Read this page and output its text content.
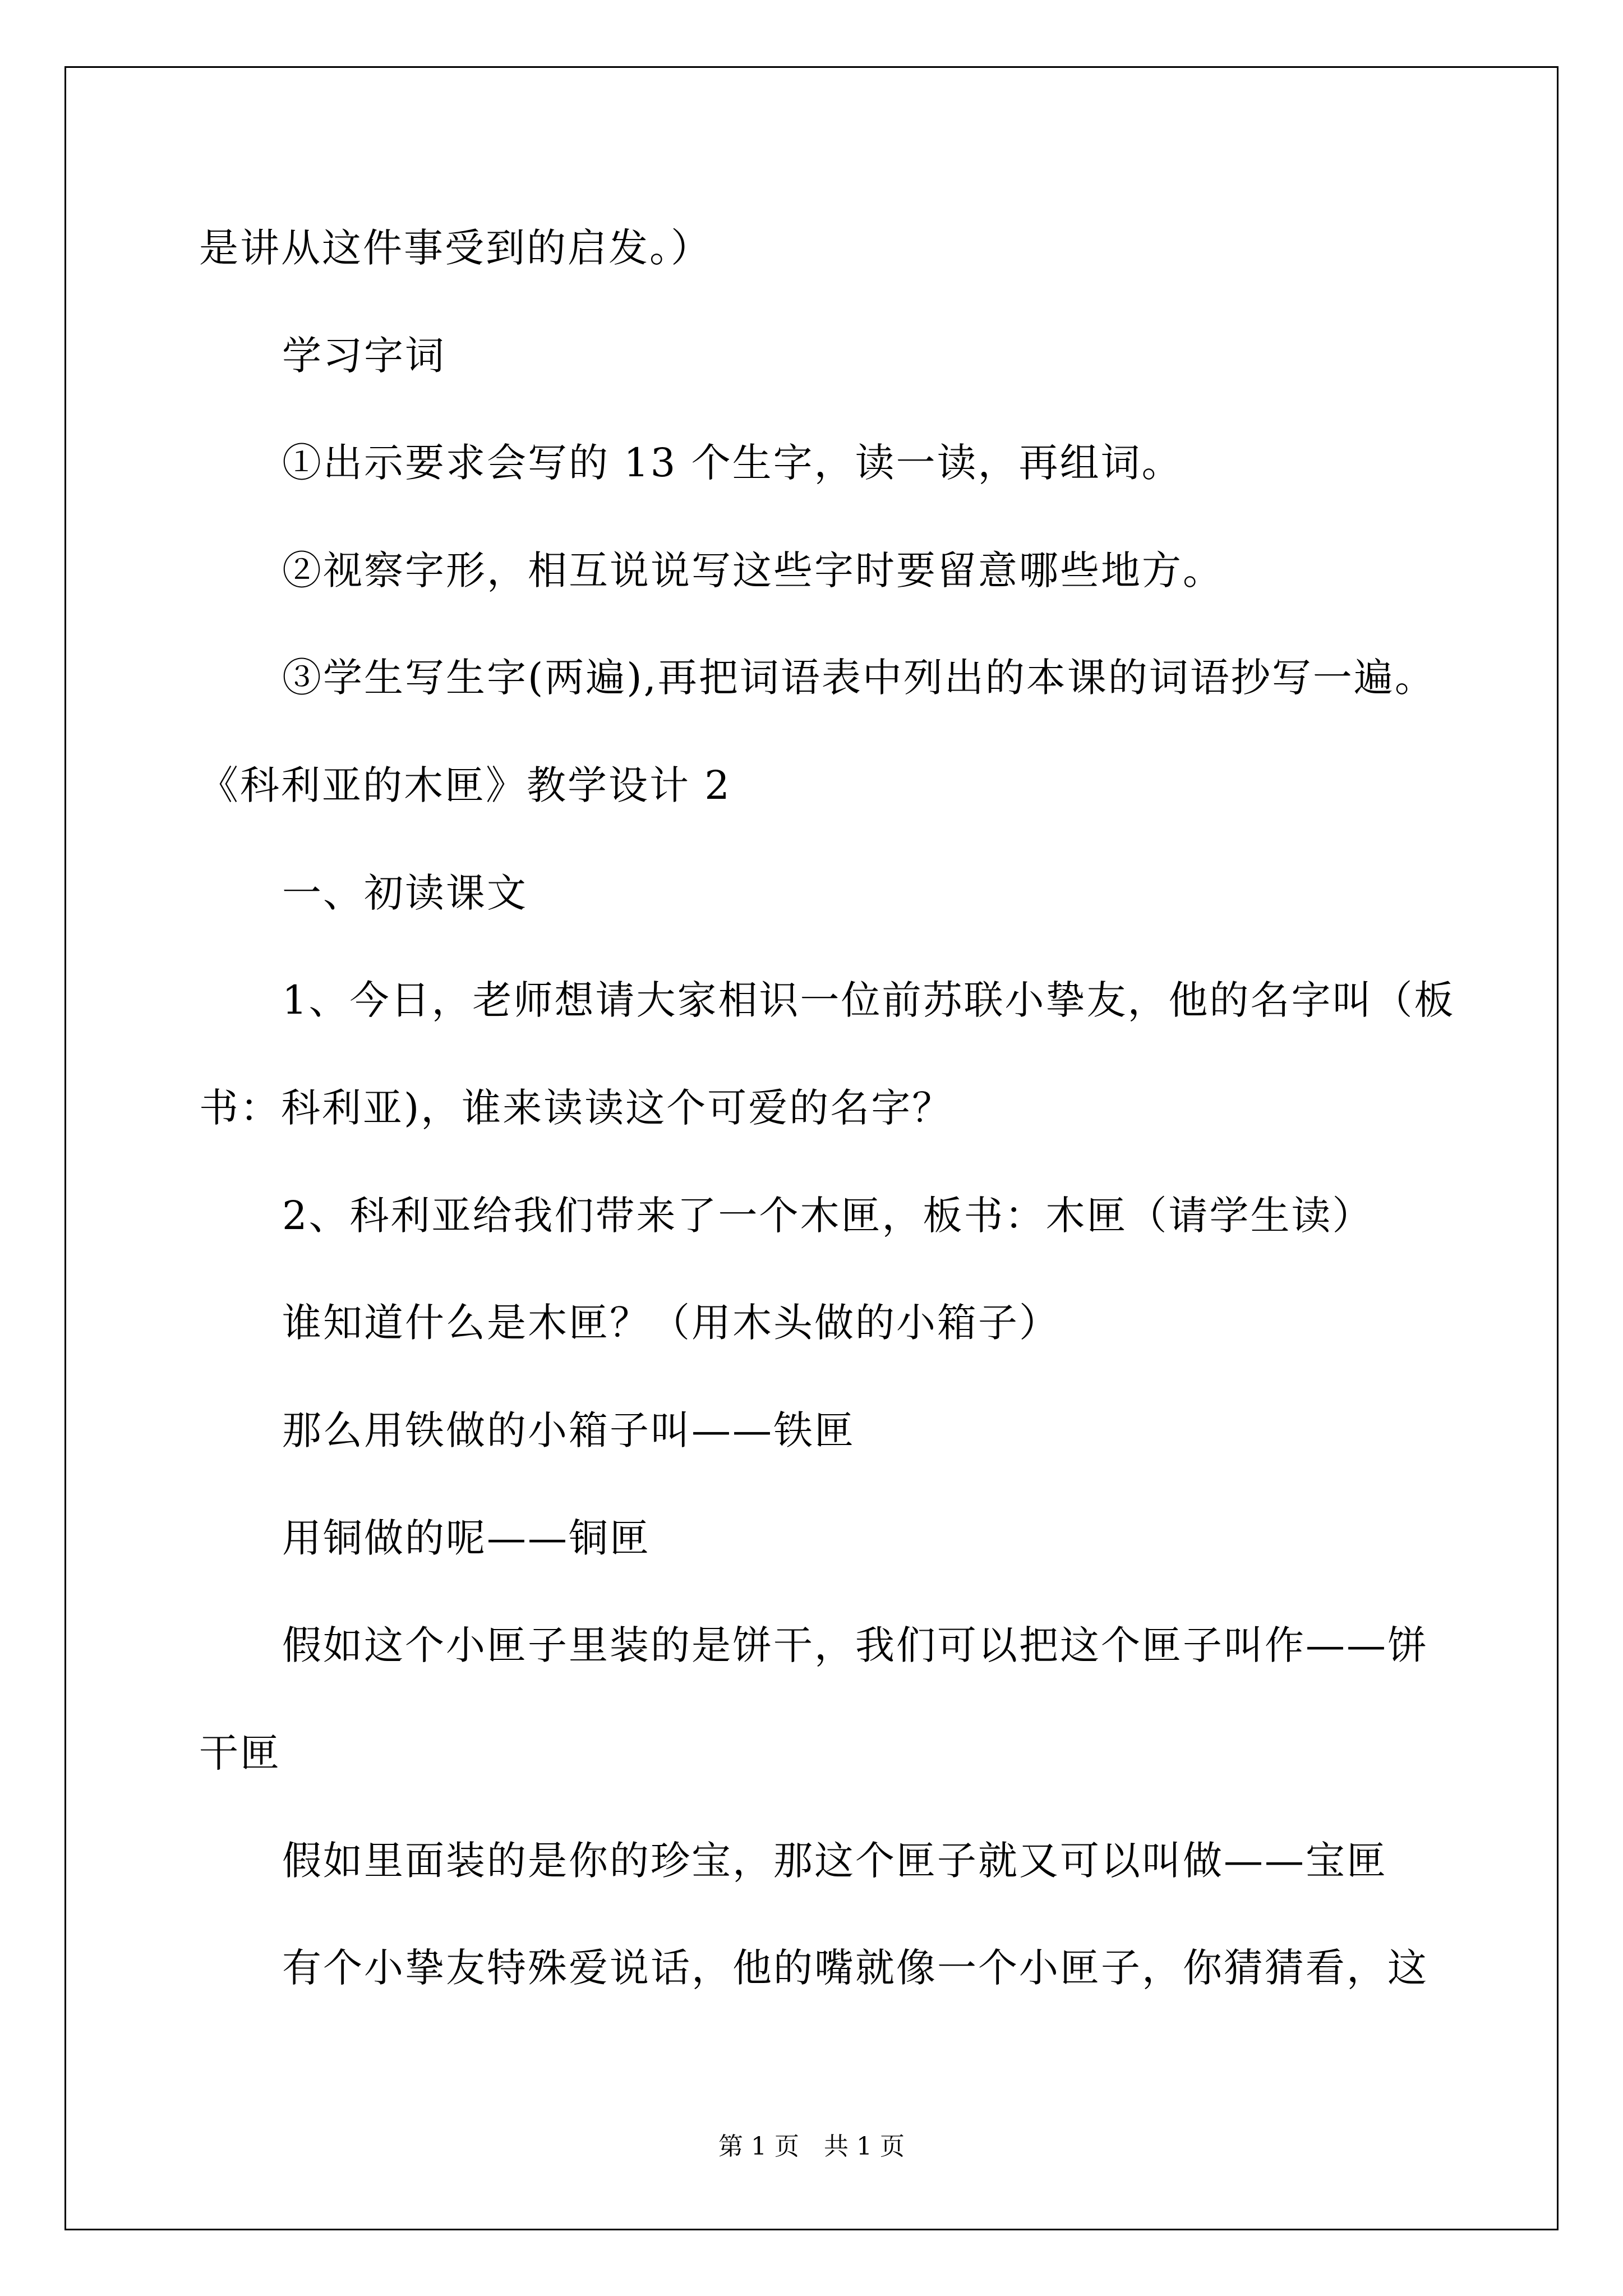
是讲从这件事受到的启发。）
学习字词
①出示要求会写的 13 个生字，读一读，再组词。
②视察字形，相互说说写这些字时要留意哪些地方。
③学生写生字(两遍),再把词语表中列出的本课的词语抄写一遍。
《科利亚的木匣》教学设计 2
一、初读课文
1、今日，老师想请大家相识一位前苏联小挚友，他的名字叫（板
书：科利亚)，谁来读读这个可爱的名字？
2、科利亚给我们带来了一个木匣，板书：木匣（请学生读）
谁知道什么是木匣？（用木头做的小箱子）
那么用铁做的小箱子叫——铁匣
用铜做的呢——铜匣
假如这个小匣子里装的是饼干，我们可以把这个匣子叫作——饼
干匣
假如里面装的是你的珍宝，那这个匣子就又可以叫做——宝匣
有个小挚友特殊爱说话，他的嘴就像一个小匣子，你猜猜看，这
第 1 页　共 1 页
